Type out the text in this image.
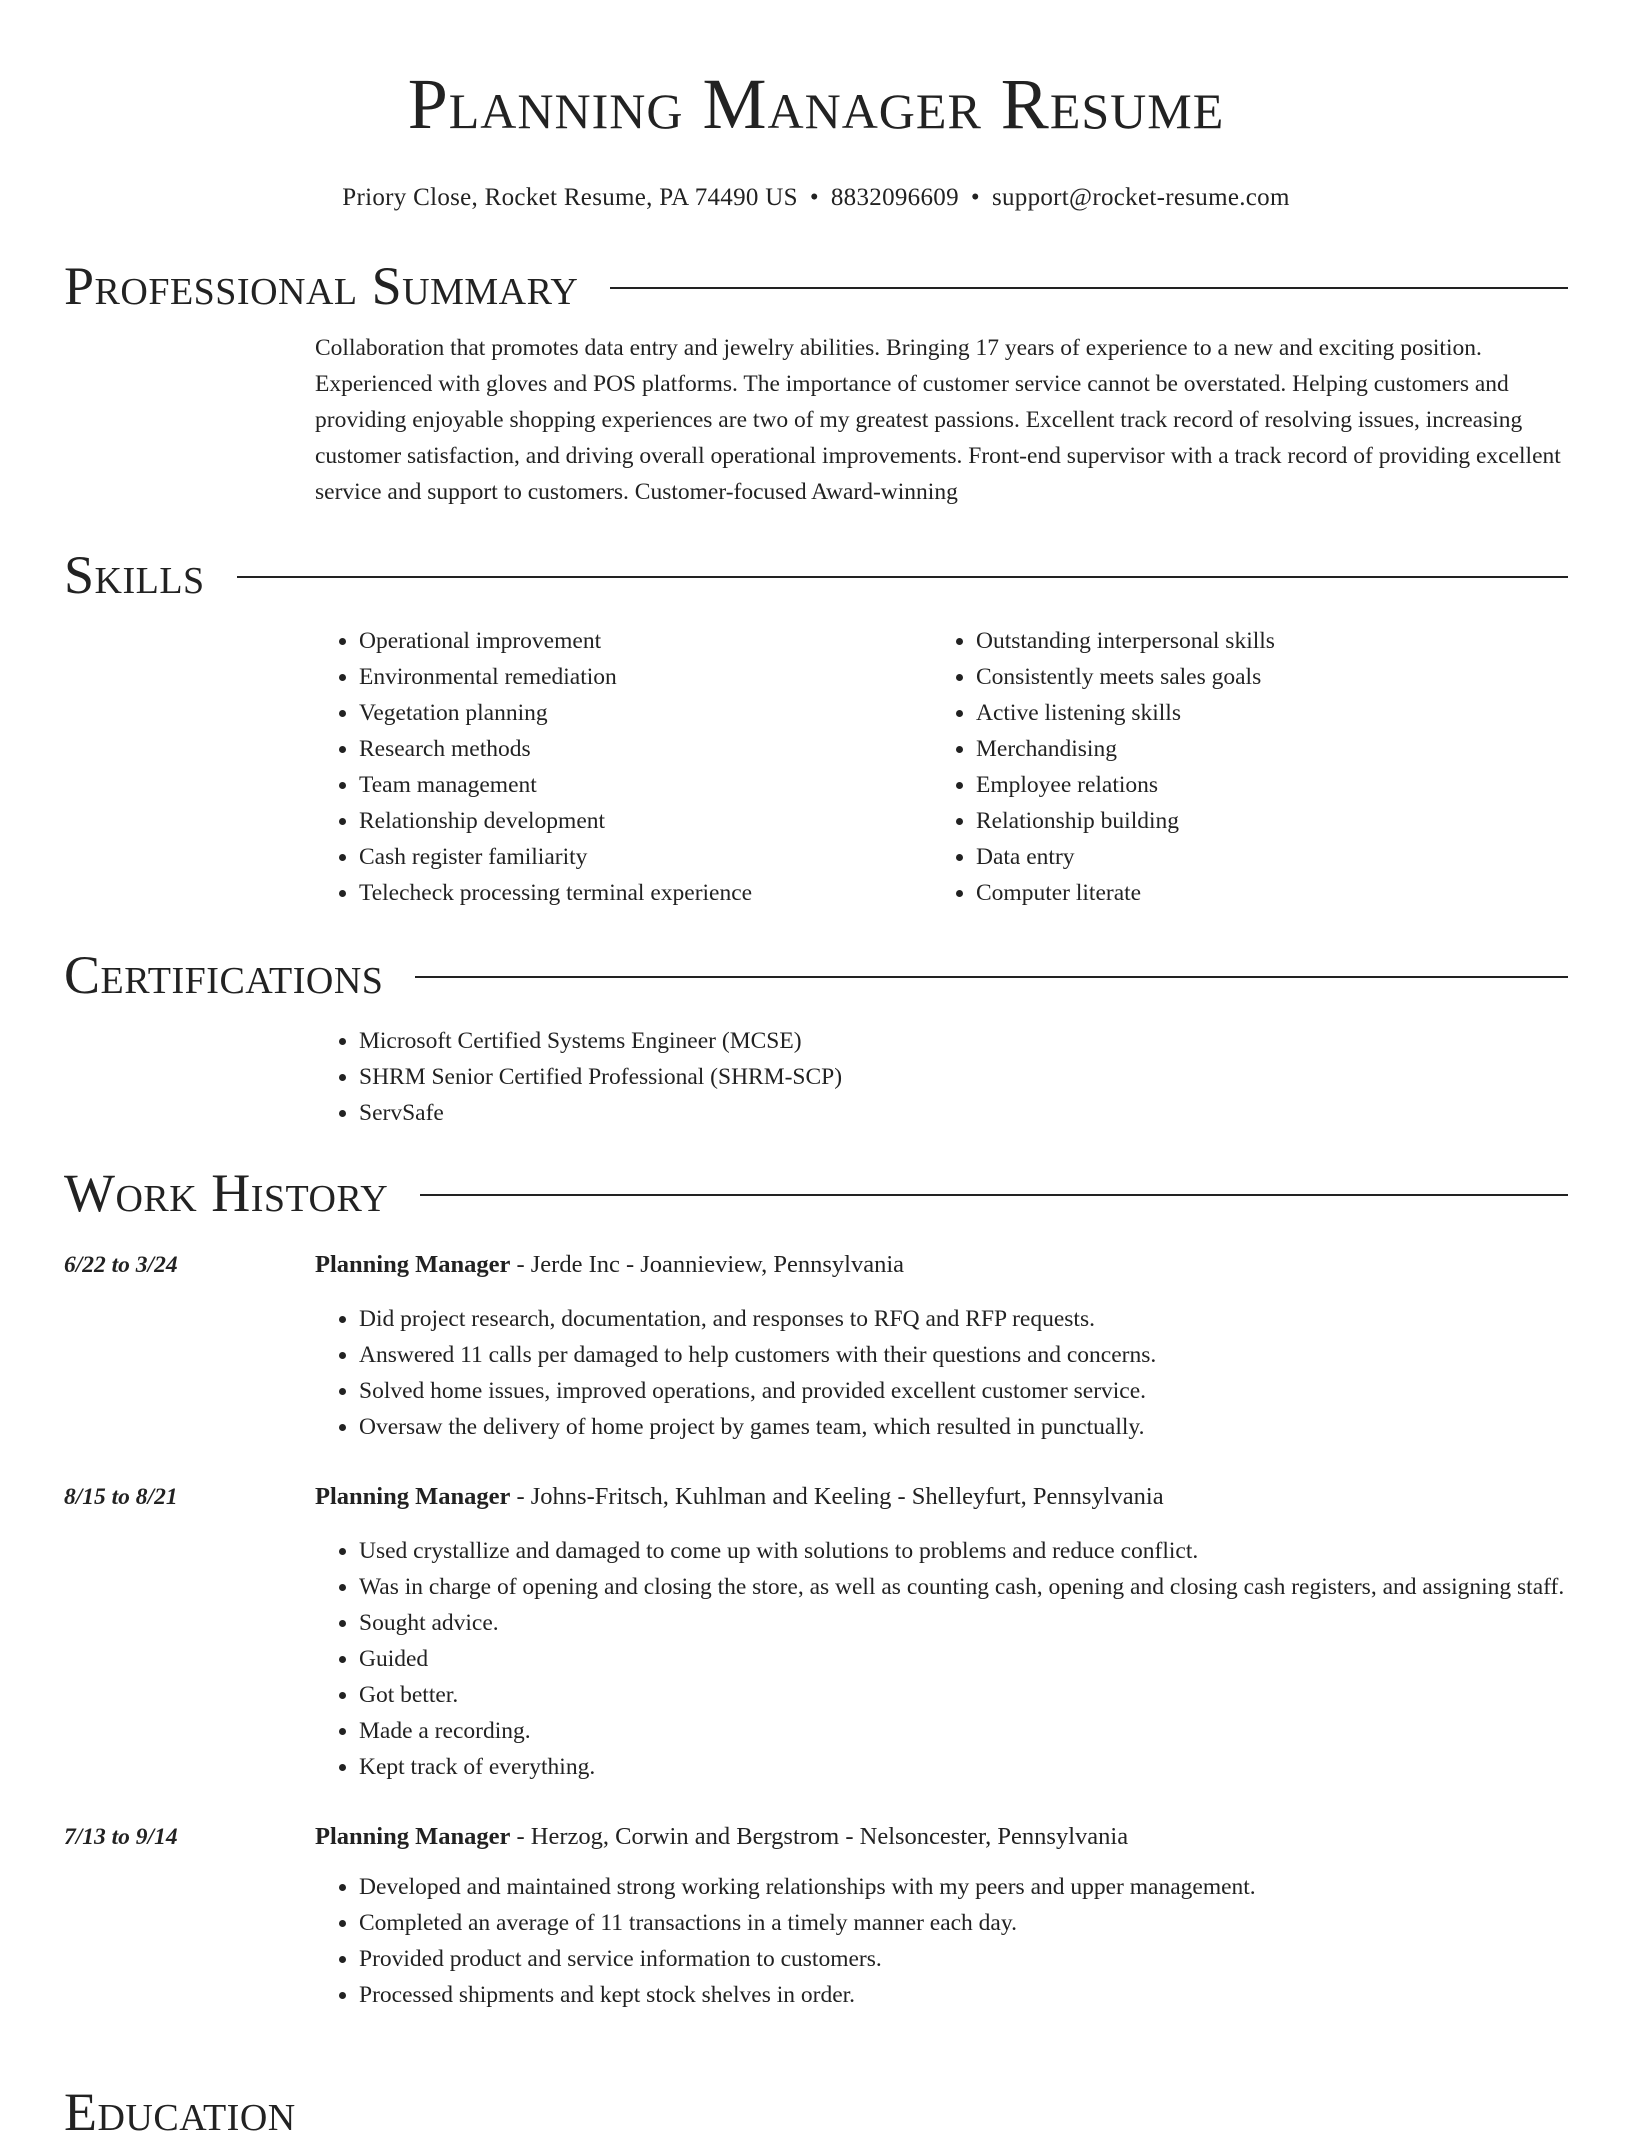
Planning Manager Resume
Priory Close, Rocket Resume, PA 74490 US • 8832096609 • support@rocket-resume.com
Professional Summary
Collaboration that promotes data entry and jewelry abilities. Bringing 17 years of experience to a new and exciting position. Experienced with gloves and POS platforms. The importance of customer service cannot be overstated. Helping customers and providing enjoyable shopping experiences are two of my greatest passions. Excellent track record of resolving issues, increasing customer satisfaction, and driving overall operational improvements. Front-end supervisor with a track record of providing excellent service and support to customers. Customer-focused Award-winning
Skills
• Operational improvement
• Environmental remediation
• Vegetation planning
• Research methods
• Team management
• Relationship development
• Cash register familiarity
• Telecheck processing terminal experience
• Outstanding interpersonal skills
• Consistently meets sales goals
• Active listening skills
• Merchandising
• Employee relations
• Relationship building
• Data entry
• Computer literate
Certifications
• Microsoft Certified Systems Engineer (MCSE)
• SHRM Senior Certified Professional (SHRM-SCP)
• ServSafe
Work History
6/22 to 3/24	Planning Manager - Jerde Inc - Joannieview, Pennsylvania
• Did project research, documentation, and responses to RFQ and RFP requests.
• Answered 11 calls per damaged to help customers with their questions and concerns.
• Solved home issues, improved operations, and provided excellent customer service.
• Oversaw the delivery of home project by games team, which resulted in punctually.
8/15 to 8/21	Planning Manager - Johns-Fritsch, Kuhlman and Keeling - Shelleyfurt, Pennsylvania
• Used crystallize and damaged to come up with solutions to problems and reduce conflict.
• Was in charge of opening and closing the store, as well as counting cash, opening and closing cash registers, and assigning staff.
• Sought advice.
• Guided
• Got better.
• Made a recording.
• Kept track of everything.
7/13 to 9/14	Planning Manager - Herzog, Corwin and Bergstrom - Nelsoncester, Pennsylvania
• Developed and maintained strong working relationships with my peers and upper management.
• Completed an average of 11 transactions in a timely manner each day.
• Provided product and service information to customers.
• Processed shipments and kept stock shelves in order.
Education
